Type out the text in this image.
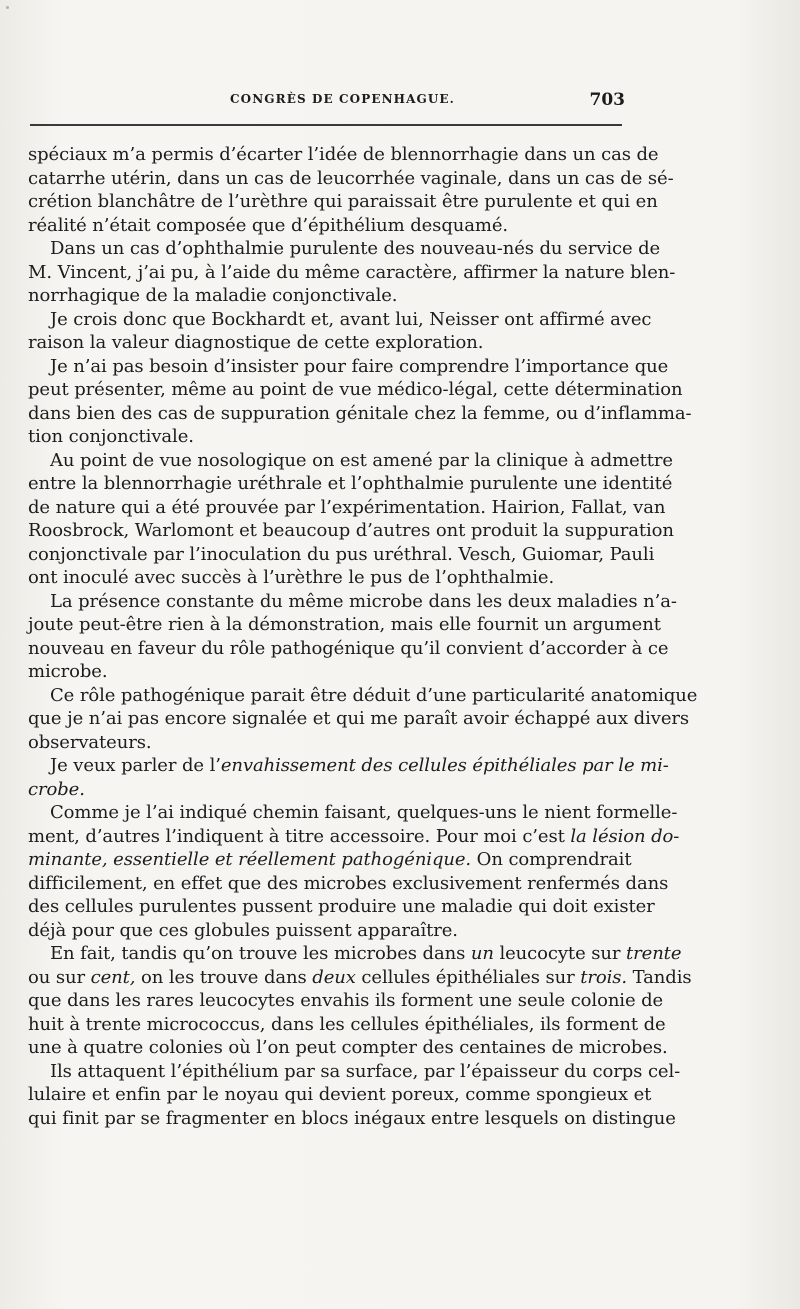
CONGRÈS DE COPENHAGUE.	703
spéciaux m’a permis d’écarter l’idée de blennorrhagie dans un cas de
catarrhe utérin, dans un cas de leucorrhée vaginale, dans un cas de sé-
crétion blanchâtre de l’urèthre qui paraissait être purulente et qui en
réalité n’était composée que d’épithélium desquamé.
Dans un cas d’ophthalmie purulente des nouveau-nés du service de
M. Vincent, j’ai pu, à l’aide du même caractère, affirmer la nature blen-
norrhagique de la maladie conjonctivale.
Je crois donc que Bockhardt et, avant lui, Neisser ont affirmé avec
raison la valeur diagnostique de cette exploration.
Je n’ai pas besoin d’insister pour faire comprendre l’importance que
peut présenter, même au point de vue médico-légal, cette détermination
dans bien des cas de suppuration génitale chez la femme, ou d’inflamma-
tion conjonctivale.
Au point de vue nosologique on est amené par la clinique à admettre
entre la blennorrhagie uréthrale et l’ophthalmie purulente une identité
de nature qui a été prouvée par l’expérimentation. Hairion, Fallat, van
Roosbrock, Warlomont et beaucoup d’autres ont produit la suppuration
conjonctivale par l’inoculation du pus uréthral. Vesch, Guiomar, Pauli
ont inoculé avec succès à l’urèthre le pus de l’ophthalmie.
La présence constante du même microbe dans les deux maladies n’a-
joute peut-être rien à la démonstration, mais elle fournit un argument
nouveau en faveur du rôle pathogénique qu’il convient d’accorder à ce
microbe.
Ce rôle pathogénique parait être déduit d’une particularité anatomique
que je n’ai pas encore signalée et qui me paraît avoir échappé aux divers
observateurs.
Je veux parler de l’envahissement des cellules épithéliales par le mi-
crobe.
Comme je l’ai indiqué chemin faisant, quelques-uns le nient formelle-
ment, d’autres l’indiquent à titre accessoire. Pour moi c’est la lésion do-
minante, essentielle et réellement pathogénique. On comprendrait
difficilement, en effet que des microbes exclusivement renfermés dans
des cellules purulentes pussent produire une maladie qui doit exister
déjà pour que ces globules puissent apparaître.
En fait, tandis qu’on trouve les microbes dans un leucocyte sur trente
ou sur cent, on les trouve dans deux cellules épithéliales sur trois. Tandis
que dans les rares leucocytes envahis ils forment une seule colonie de
huit à trente micrococcus, dans les cellules épithéliales, ils forment de
une à quatre colonies où l’on peut compter des centaines de microbes.
Ils attaquent l’épithélium par sa surface, par l’épaisseur du corps cel-
lulaire et enfin par le noyau qui devient poreux, comme spongieux et
qui finit par se fragmenter en blocs inégaux entre lesquels on distingue
